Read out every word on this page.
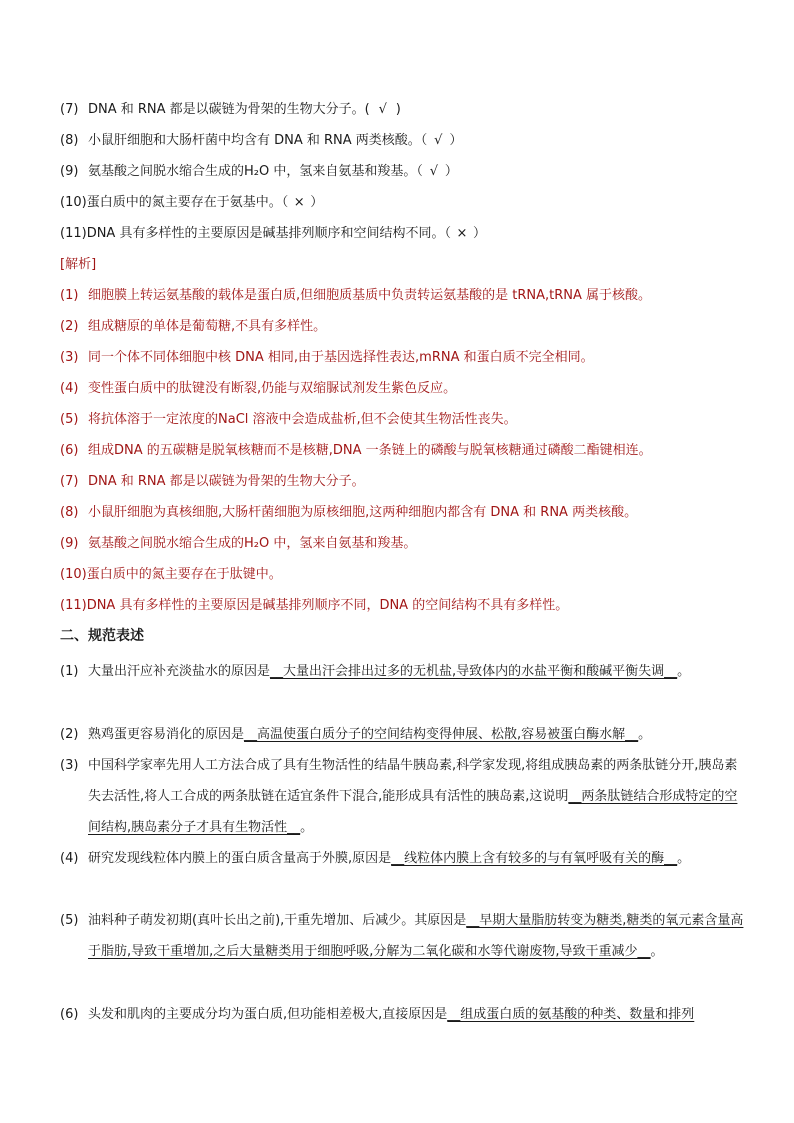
(7) DNA 和 RNA 都是以碳链为骨架的生物大分子。( √ )
(8) 小鼠肝细胞和大肠杆菌中均含有 DNA 和 RNA 两类核酸。（ √ ）
(9) 氨基酸之间脱水缩合生成的H₂O 中，氢来自氨基和羧基。（ √ ）
(10)蛋白质中的氮主要存在于氨基中。（ × ）
(11)DNA 具有多样性的主要原因是碱基排列顺序和空间结构不同。（ × ）
[解析]
(1) 细胞膜上转运氨基酸的载体是蛋白质,但细胞质基质中负责转运氨基酸的是 tRNA,tRNA 属于核酸。
(2) 组成糖原的单体是葡萄糖,不具有多样性。
(3) 同一个体不同体细胞中核 DNA 相同,由于基因选择性表达,mRNA 和蛋白质不完全相同。
(4) 变性蛋白质中的肽键没有断裂,仍能与双缩脲试剂发生紫色反应。
(5) 将抗体溶于一定浓度的NaCl 溶液中会造成盐析,但不会使其生物活性丧失。
(6) 组成DNA 的五碳糖是脱氧核糖而不是核糖,DNA 一条链上的磷酸与脱氧核糖通过磷酸二酯键相连。
(7) DNA 和 RNA 都是以碳链为骨架的生物大分子。
(8) 小鼠肝细胞为真核细胞,大肠杆菌细胞为原核细胞,这两种细胞内都含有 DNA 和 RNA 两类核酸。
(9) 氨基酸之间脱水缩合生成的H₂O 中，氢来自氨基和羧基。
(10)蛋白质中的氮主要存在于肽键中。
(11)DNA 具有多样性的主要原因是碱基排列顺序不同，DNA 的空间结构不具有多样性。
二、规范表述
(1) 大量出汗应补充淡盐水的原因是__大量出汗会排出过多的无机盐,导致体内的水盐平衡和酸碱平衡失调__。
(2) 熟鸡蛋更容易消化的原因是__高温使蛋白质分子的空间结构变得伸展、松散,容易被蛋白酶水解__。
(3) 中国科学家率先用人工方法合成了具有生物活性的结晶牛胰岛素,科学家发现,将组成胰岛素的两条肽链分开,胰岛素失去活性,将人工合成的两条肽链在适宜条件下混合,能形成具有活性的胰岛素,这说明__两条肽链结合形成特定的空间结构,胰岛素分子才具有生物活性__。
(4) 研究发现线粒体内膜上的蛋白质含量高于外膜,原因是__线粒体内膜上含有较多的与有氧呼吸有关的酶__。
(5) 油料种子萌发初期(真叶长出之前),干重先增加、后减少。其原因是__早期大量脂肪转变为糖类,糖类的氧元素含量高于脂肪,导致干重增加,之后大量糖类用于细胞呼吸,分解为二氧化碳和水等代谢废物,导致干重减少__。
(6) 头发和肌肉的主要成分均为蛋白质,但功能相差极大,直接原因是__组成蛋白质的氨基酸的种类、数量和排列
